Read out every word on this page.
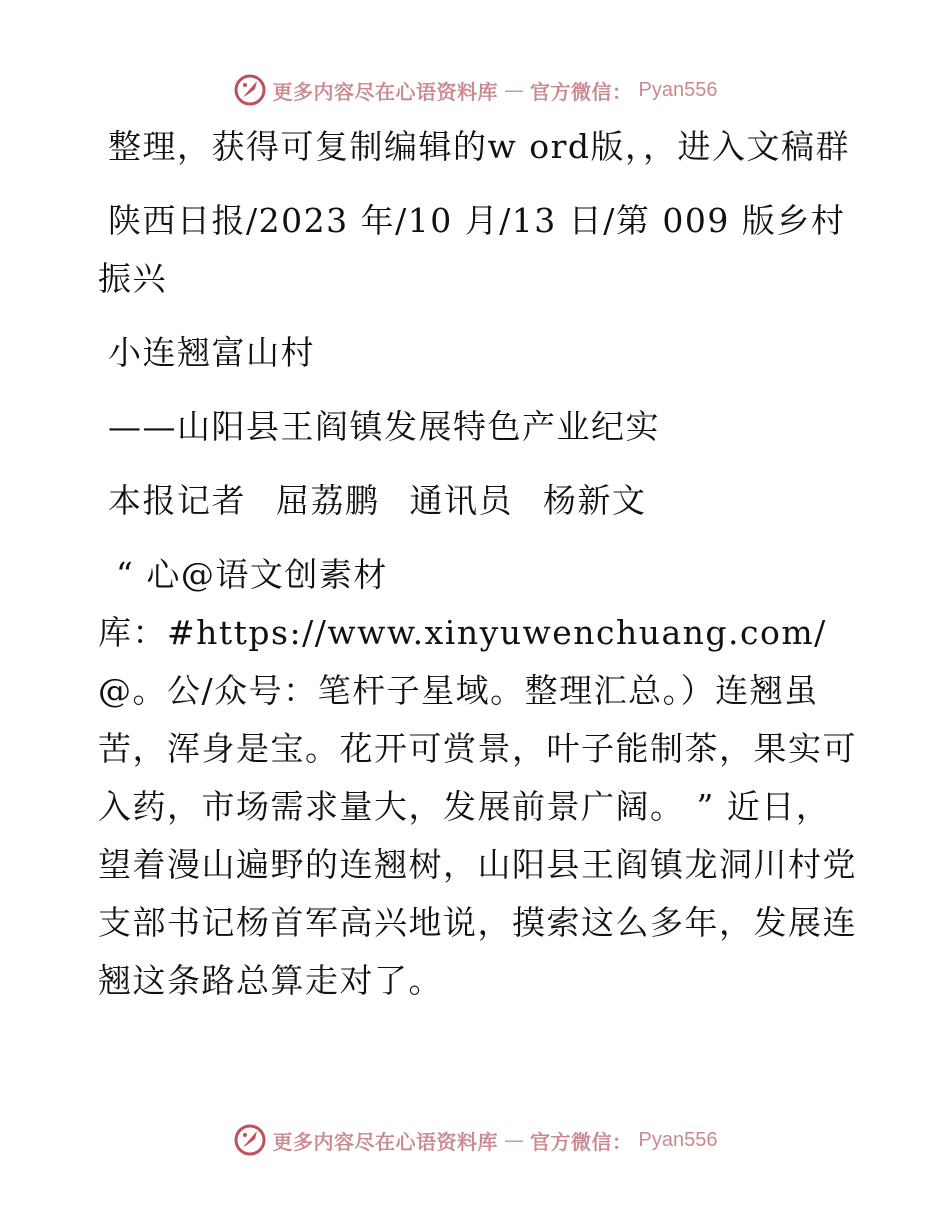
更多内容尽在心语资料库 — 官方微信： Pyan556

整理，获得可复制编辑的w ord版，，进入文稿群

陕西日报/2023 年/10 月/13 日/第 009 版乡村振兴

小连翘富山村

——山阳县王阎镇发展特色产业纪实

本报记者 屈荔鹏 通讯员 杨新文

“ 心@语文创素材

库：#https://www.xinyuwenchuang.com/@。公/众号：笔杆子星域。整理汇总。）连翘虽苦，浑身是宝。花开可赏景，叶子能制茶，果实可入药，市场需求量大，发展前景广阔。 ” 近日，望着漫山遍野的连翘树，山阳县王阎镇龙洞川村党支部书记杨首军高兴地说，摸索这么多年，发展连翘这条路总算走对了。

更多内容尽在心语资料库 — 官方微信： Pyan556
